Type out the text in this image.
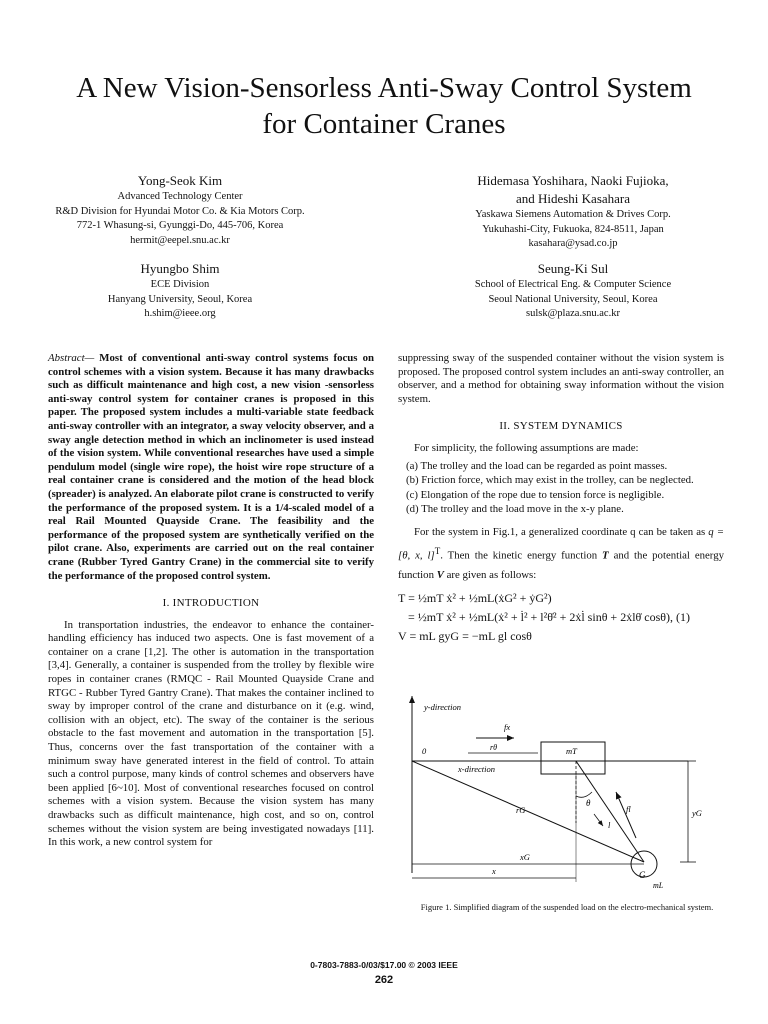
A New Vision-Sensorless Anti-Sway Control System
for Container Cranes
Yong-Seok Kim
Advanced Technology Center
R&D Division for Hyundai Motor Co. & Kia Motors Corp.
772-1 Whasung-si, Gyunggi-Do, 445-706, Korea
hermit@eepel.snu.ac.kr
Hyungbo Shim
ECE Division
Hanyang University, Seoul, Korea
h.shim@ieee.org
Hidemasa Yoshihara, Naoki Fujioka,
and Hideshi Kasahara
Yaskawa Siemens Automation & Drives Corp.
Yukuhashi-City, Fukuoka, 824-8511, Japan
kasahara@ysad.co.jp
Seung-Ki Sul
School of Electrical Eng. & Computer Science
Seoul National University, Seoul, Korea
sulsk@plaza.snu.ac.kr

Abstract— Most of conventional anti-sway control systems focus on control schemes with a vision system. Because it has many drawbacks such as difficult maintenance and high cost, a new vision -sensorless anti-sway control system for container cranes is proposed in this paper. The proposed system includes a multi-variable state feedback anti-sway controller with an integrator, a sway velocity observer, and a sway angle detection method in which an inclinometer is used instead of the vision system. While conventional researches have used a simple pendulum model (single wire rope), the hoist wire rope structure of a real container crane is considered and the motion of the head block (spreader) is analyzed. An elaborate pilot crane is constructed to verify the performance of the proposed system. It is a 1/4-scaled model of a real Rail Mounted Quayside Crane. The feasibility and the performance of the proposed system are synthetically verified on the pilot crane. Also, experiments are carried out on the real container crane (Rubber Tyred Gantry Crane) in the commercial site to verify the performance of the proposed control system.

I. INTRODUCTION

In transportation industries, the endeavor to enhance the container-handling efficiency has induced two aspects. One is fast movement of a container on a crane [1,2]. The other is automation in the transportation [3,4]. Generally, a container is suspended from the trolley by flexible wire ropes in container cranes (RMQC - Rail Mounted Quayside Crane and RTGC - Rubber Tyred Gantry Crane). That makes the container inclined to sway by improper control of the crane and disturbance on it (e.g. wind, collision with an object, etc). The sway of the container is the serious obstacle to the fast movement and automation in the transportation [5]. Thus, concerns over the fast transportation of the container with a minimum sway have generated interest in the field of control. To attain such a control purpose, many kinds of control schemes and observers have been applied [6~10]. Most of conventional researches focused on control schemes with a vision system. Because the vision system has many drawbacks such as difficult maintenance, high cost, and so on, control schemes without the vision system are being investigated nowadays [11]. In this work, a new control system for

suppressing sway of the suspended container without the vision system is proposed. The proposed control system includes an anti-sway controller, an observer, and a method for obtaining sway information without the vision system.

II. SYSTEM DYNAMICS

For simplicity, the following assumptions are made:

(a) The trolley and the load can be regarded as point masses.
(b) Friction force, which may exist in the trolley, can be neglected.
(c) Elongation of the rope due to tension force is negligible.
(d) The trolley and the load move in the x-y plane.

For the system in Fig.1, a generalized coordinate q can be taken as q = [θ, x, l]$^T$. Then the kinetic energy function T and the potential energy function V are given as follows:

T = ½mT ẋ² + ½mL(ẋG² + ẏG²)
= ½mT ẋ² + ½mL(ẋ² + l̇² + l²θ̇² + 2ẋl̇ sinθ + 2ẋlθ̇ cosθ), (1)
V = mL gyG = −mL gl cosθ
y-direction
0
x-direction
fx
rθ	mT
rG
θ
l
fl	yG
xG
x	G
mL
Figure 1. Simplified diagram of the suspended load on the electro-mechanical system.
0-7803-7883-0/03/$17.00 © 2003 IEEE
262
